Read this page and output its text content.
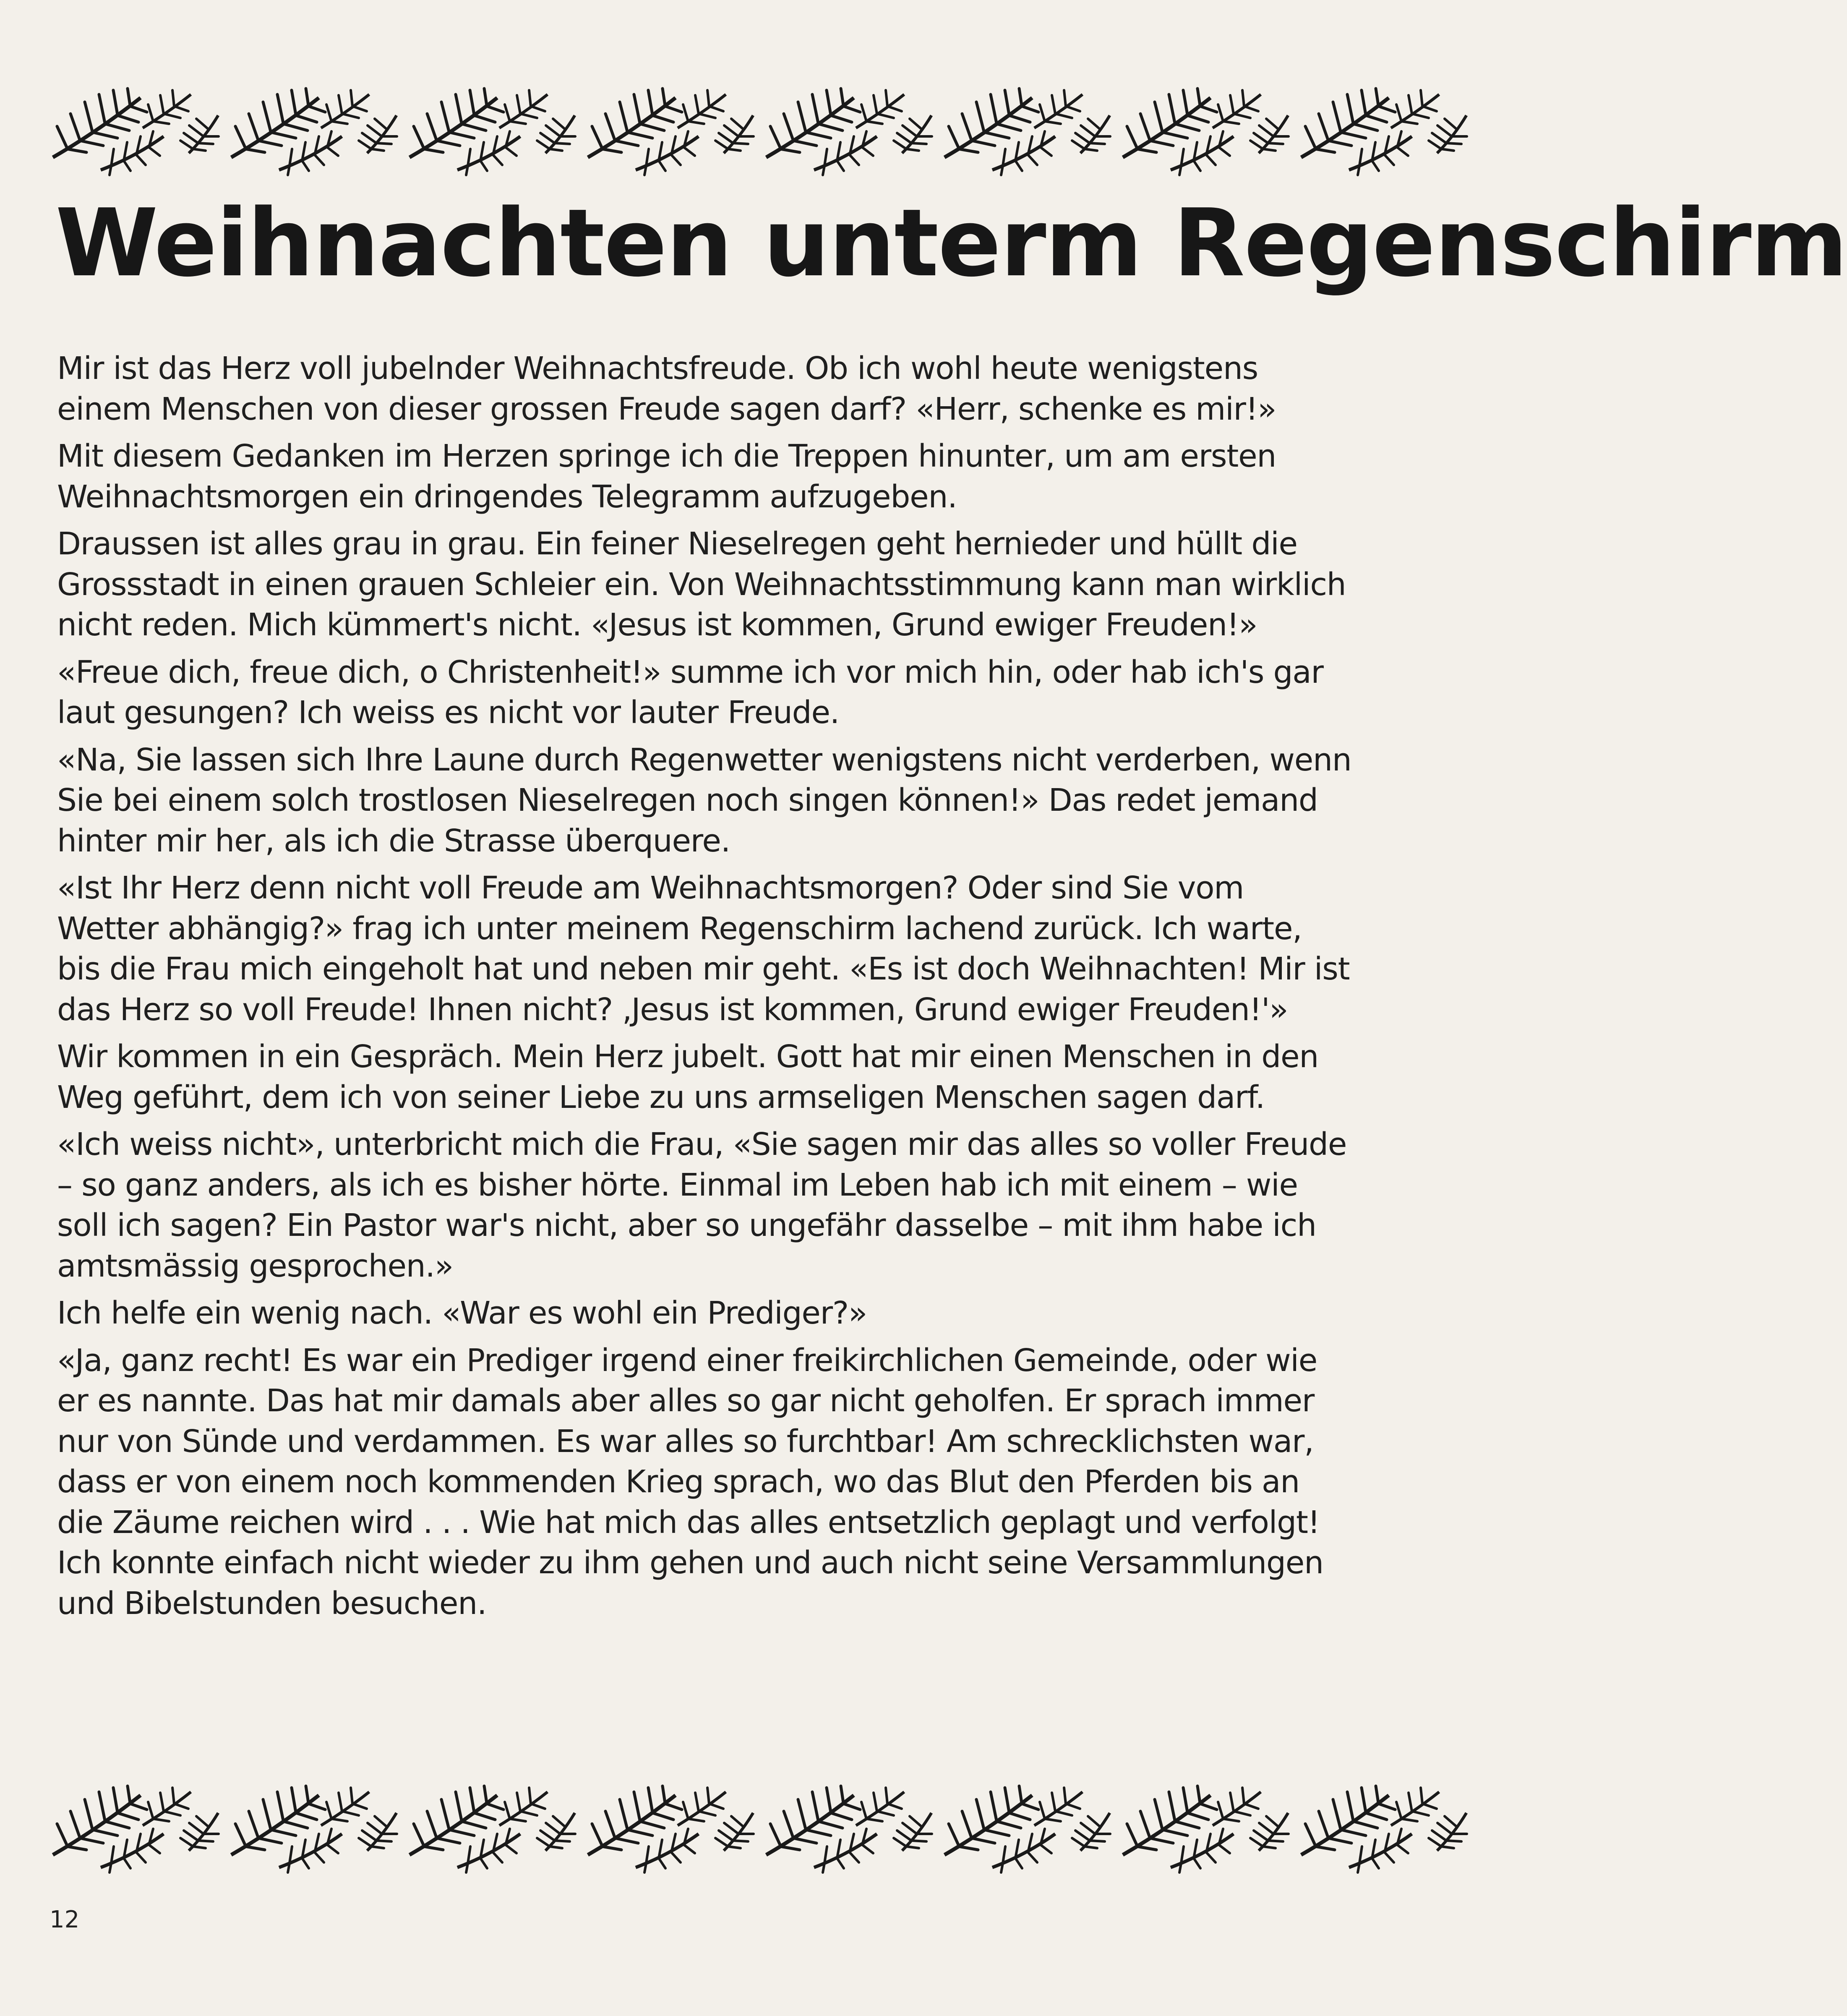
Weihnachten unterm Regenschirm

Mir ist das Herz voll jubelnder Weihnachtsfreude. Ob ich wohl heute wenigstens einem Menschen von dieser grossen Freude sagen darf? «Herr, schenke es mir!»

Mit diesem Gedanken im Herzen springe ich die Treppen hinunter, um am ersten Weihnachtsmorgen ein dringendes Telegramm aufzugeben.

Draussen ist alles grau in grau. Ein feiner Nieselregen geht hernieder und hüllt die Grossstadt in einen grauen Schleier ein. Von Weihnachtsstimmung kann man wirklich nicht reden. Mich kümmert's nicht. «Jesus ist kommen, Grund ewiger Freuden!»

«Freue dich, freue dich, o Christenheit!» summe ich vor mich hin, oder hab ich's gar laut gesungen? Ich weiss es nicht vor lauter Freude.

«Na, Sie lassen sich Ihre Laune durch Regenwetter wenigstens nicht verderben, wenn Sie bei einem solch trostlosen Nieselregen noch singen können!» Das redet jemand hinter mir her, als ich die Strasse überquere.

«Ist Ihr Herz denn nicht voll Freude am Weihnachtsmorgen? Oder sind Sie vom Wetter abhängig?» frag ich unter meinem Regenschirm lachend zurück. Ich warte, bis die Frau mich eingeholt hat und neben mir geht. «Es ist doch Weihnachten! Mir ist das Herz so voll Freude! Ihnen nicht? ‚Jesus ist kommen, Grund ewiger Freuden!'»

Wir kommen in ein Gespräch. Mein Herz jubelt. Gott hat mir einen Menschen in den Weg geführt, dem ich von seiner Liebe zu uns armseligen Menschen sagen darf.

«Ich weiss nicht», unterbricht mich die Frau, «Sie sagen mir das alles so voller Freude – so ganz anders, als ich es bisher hörte. Einmal im Leben hab ich mit einem – wie soll ich sagen? Ein Pastor war's nicht, aber so ungefähr dasselbe – mit ihm habe ich amtsmässig gesprochen.»

Ich helfe ein wenig nach. «War es wohl ein Prediger?»

«Ja, ganz recht! Es war ein Prediger irgend einer freikirchlichen Gemeinde, oder wie er es nannte. Das hat mir damals aber alles so gar nicht geholfen. Er sprach immer nur von Sünde und verdammen. Es war alles so furchtbar! Am schrecklichsten war, dass er von einem noch kommenden Krieg sprach, wo das Blut den Pferden bis an die Zäume reichen wird . . . Wie hat mich das alles entsetzlich geplagt und verfolgt! Ich konnte einfach nicht wieder zu ihm gehen und auch nicht seine Versammlungen und Bibelstunden besuchen.

12
